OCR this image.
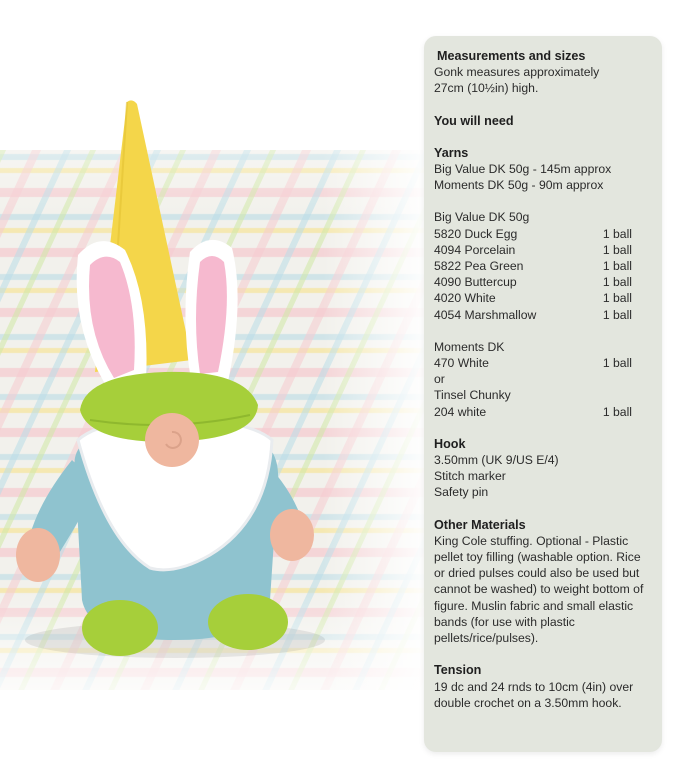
Measurements and sizes
Gonk measures approximately
27cm (10½in) high.
You will need
Yarns
Big Value DK 50g - 145m approx
Moments DK 50g - 90m approx
Big Value DK 50g
5820 Duck Egg	1 ball
4094 Porcelain	1 ball
5822 Pea Green	1 ball
4090 Buttercup	1 ball
4020 White	1 ball
4054 Marshmallow	1 ball
Moments DK
470 White	1 ball
or
Tinsel Chunky
204 white	1 ball
Hook
3.50mm (UK 9/US E/4)
Stitch marker
Safety pin
Other Materials
King Cole stuffing. Optional - Plastic pellet toy filling (washable option. Rice or dried pulses could also be used but cannot be washed) to weight bottom of figure. Muslin fabric and small elastic bands (for use with plastic pellets/rice/pulses).
Tension
19 dc and 24 rnds to 10cm (4in) over double crochet on a 3.50mm hook.
